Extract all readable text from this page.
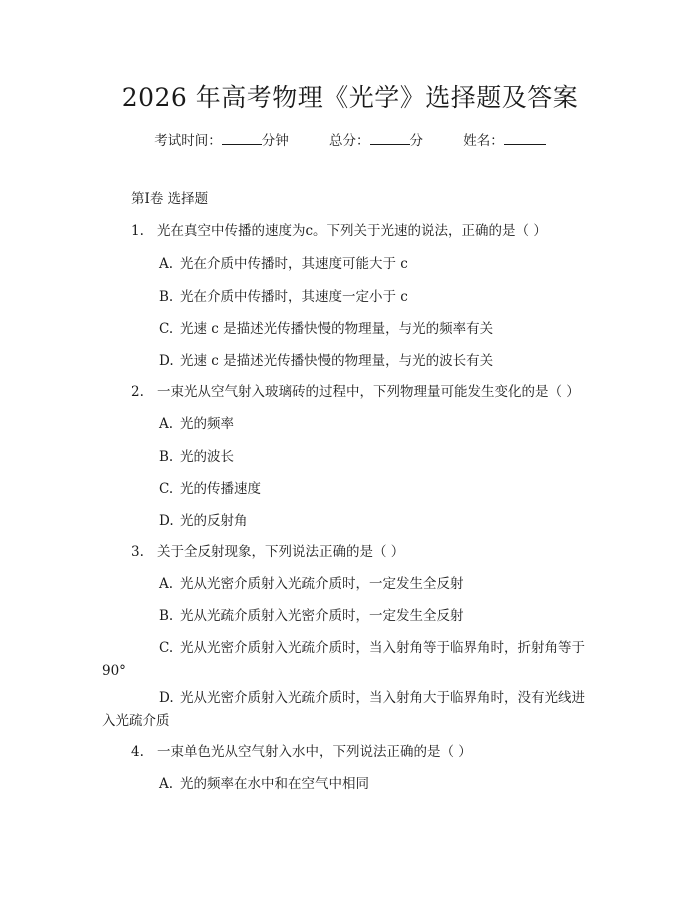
2026 年高考物理《光学》选择题及答案
考试时间：	分钟	总分：	分	姓名：
第Ⅰ卷 选择题
1. 光在真空中传播的速度为c。下列关于光速的说法，正确的是（ ）
A. 光在介质中传播时，其速度可能大于 c
B. 光在介质中传播时，其速度一定小于 c
C. 光速 c 是描述光传播快慢的物理量，与光的频率有关
D. 光速 c 是描述光传播快慢的物理量，与光的波长有关
2. 一束光从空气射入玻璃砖的过程中，下列物理量可能发生变化的是（ ）
A. 光的频率
B. 光的波长
C. 光的传播速度
D. 光的反射角
3. 关于全反射现象，下列说法正确的是（ ）
A. 光从光密介质射入光疏介质时，一定发生全反射
B. 光从光疏介质射入光密介质时，一定发生全反射
C. 光从光密介质射入光疏介质时，当入射角等于临界角时，折射角等于
90°
D. 光从光密介质射入光疏介质时，当入射角大于临界角时，没有光线进
入光疏介质
4. 一束单色光从空气射入水中，下列说法正确的是（ ）
A. 光的频率在水中和在空气中相同
